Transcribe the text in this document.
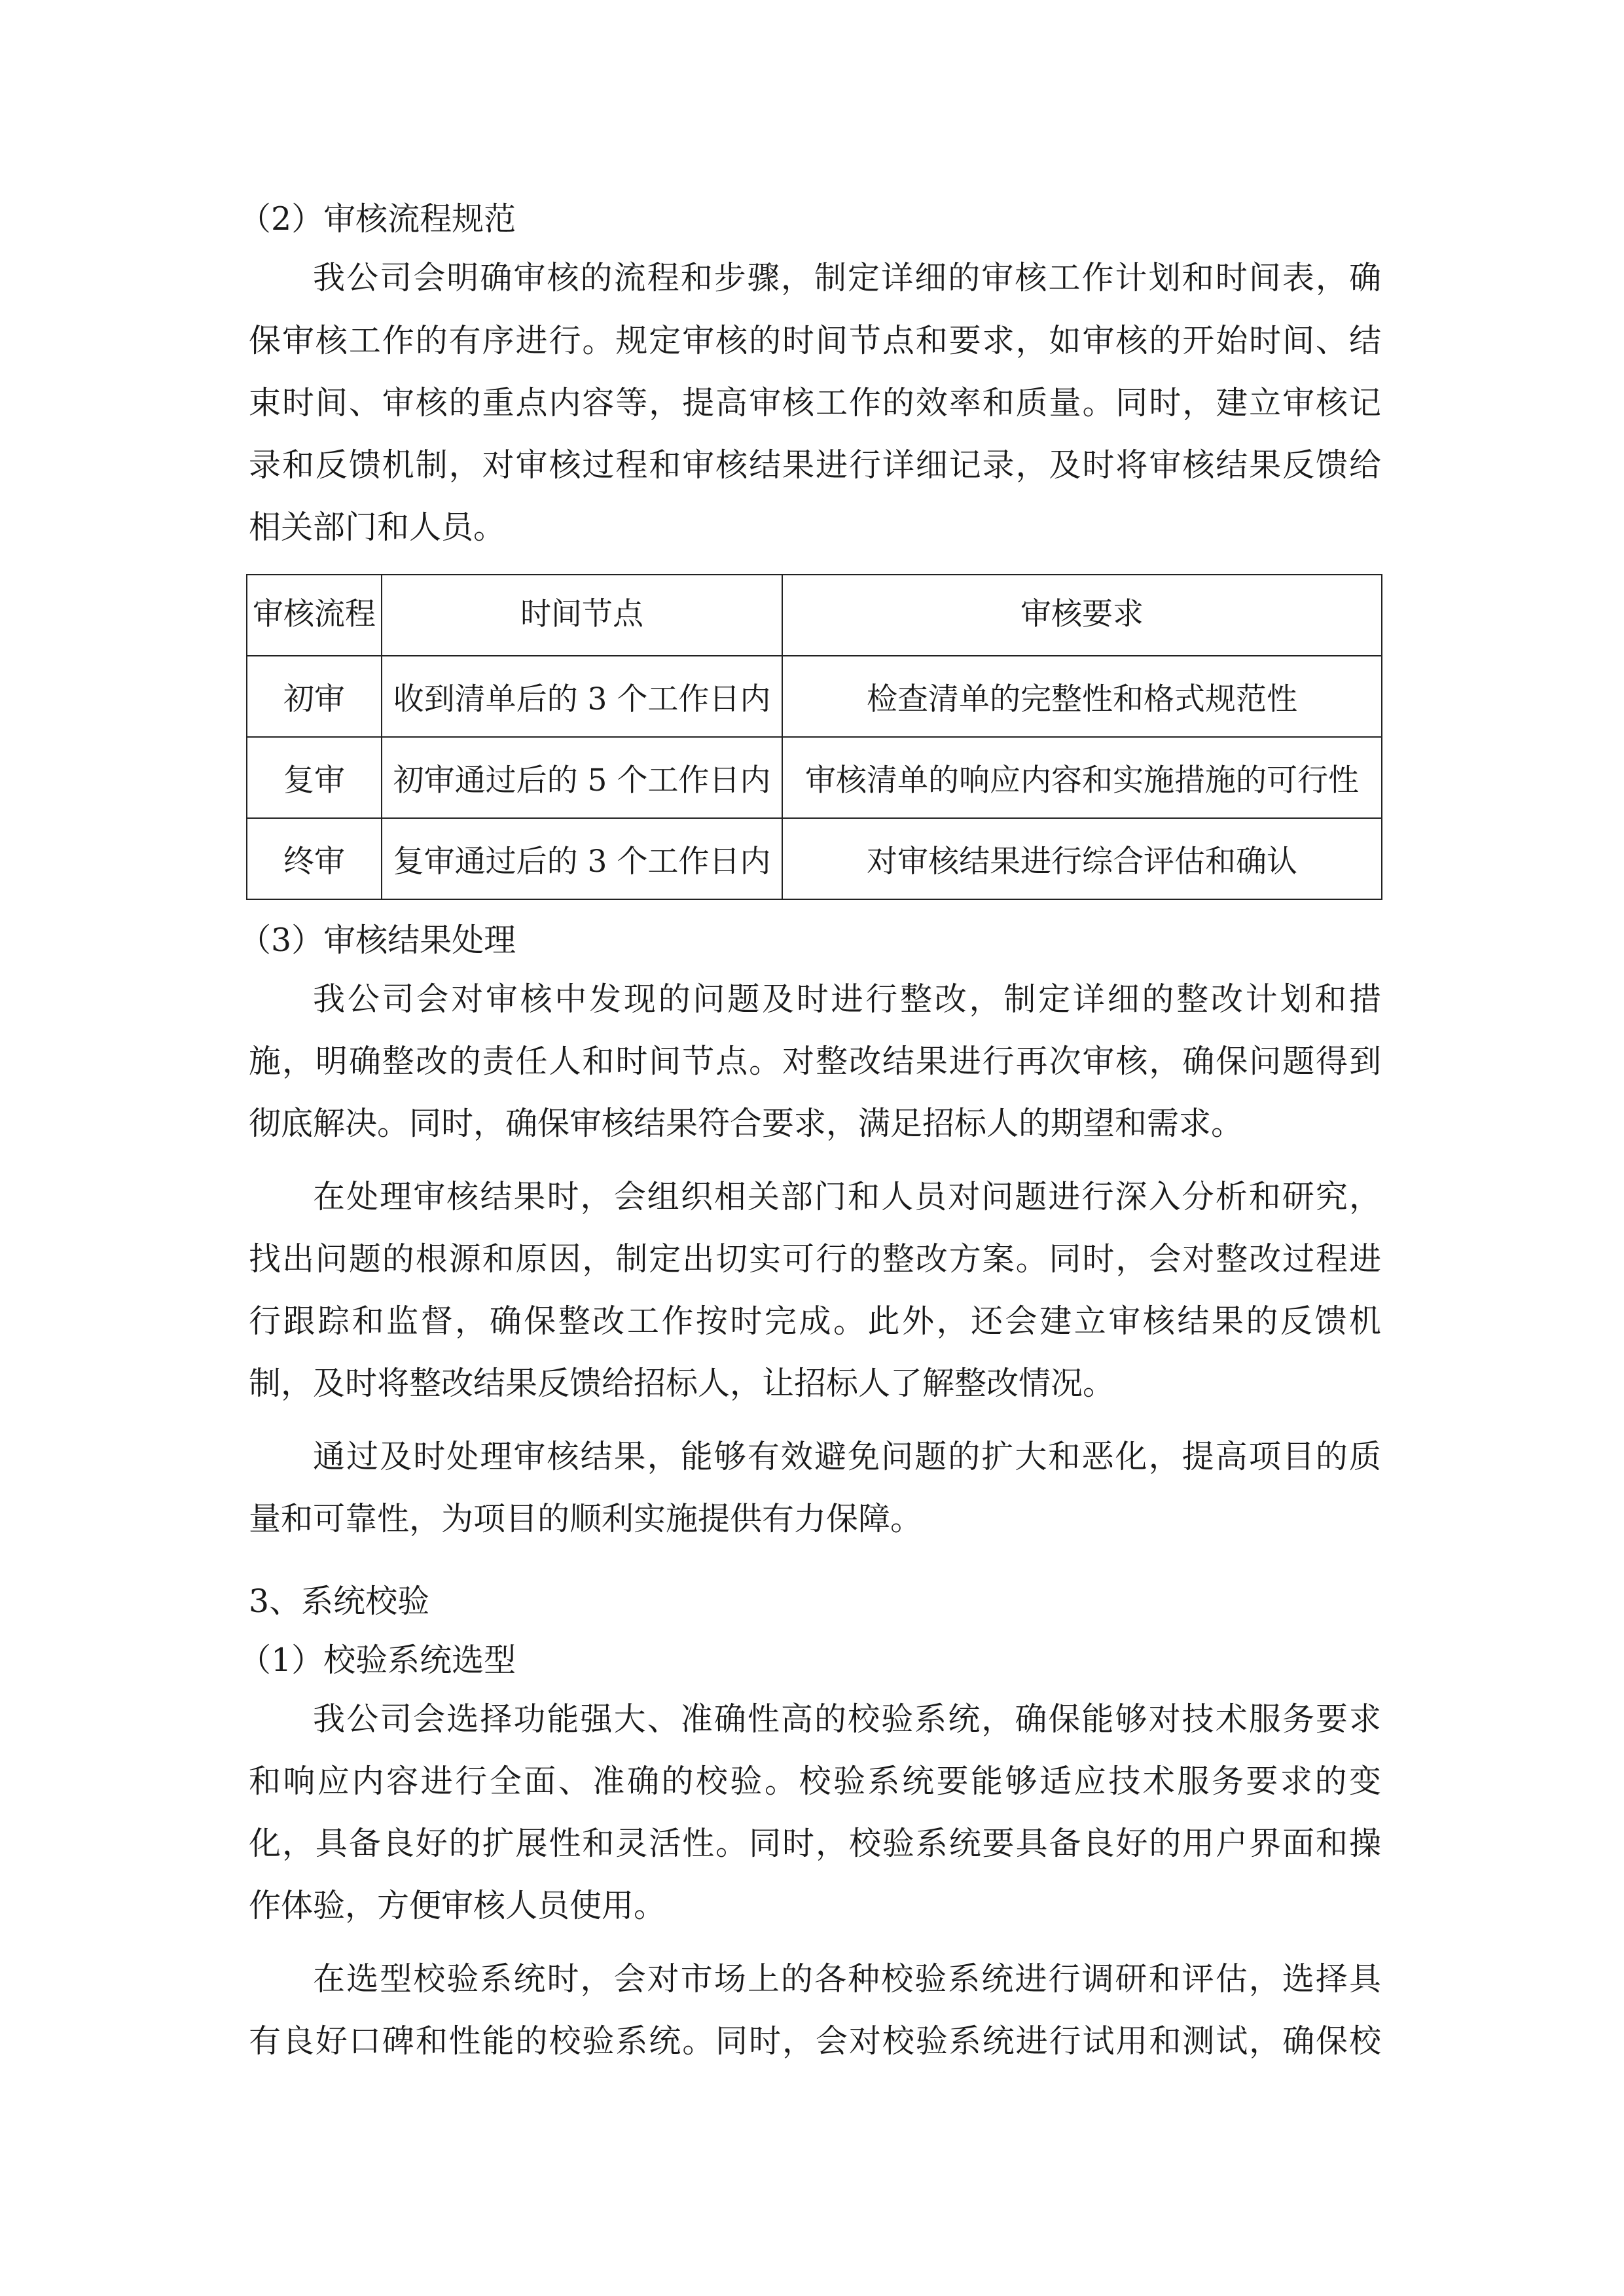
（2）审核流程规范
我公司会明确审核的流程和步骤，制定详细的审核工作计划和时间表，确
保审核工作的有序进行。规定审核的时间节点和要求，如审核的开始时间、结
束时间、审核的重点内容等，提高审核工作的效率和质量。同时，建立审核记
录和反馈机制，对审核过程和审核结果进行详细记录，及时将审核结果反馈给
相关部门和人员。
审核流程	时间节点	审核要求
初审	收到清单后的 3 个工作日内	检查清单的完整性和格式规范性
复审	初审通过后的 5 个工作日内	审核清单的响应内容和实施措施的可行性
终审	复审通过后的 3 个工作日内	对审核结果进行综合评估和确认
（3）审核结果处理
我公司会对审核中发现的问题及时进行整改，制定详细的整改计划和措
施，明确整改的责任人和时间节点。对整改结果进行再次审核，确保问题得到
彻底解决。同时，确保审核结果符合要求，满足招标人的期望和需求。
在处理审核结果时，会组织相关部门和人员对问题进行深入分析和研究，
找出问题的根源和原因，制定出切实可行的整改方案。同时，会对整改过程进
行跟踪和监督，确保整改工作按时完成。此外，还会建立审核结果的反馈机
制，及时将整改结果反馈给招标人，让招标人了解整改情况。
通过及时处理审核结果，能够有效避免问题的扩大和恶化，提高项目的质
量和可靠性，为项目的顺利实施提供有力保障。
3、系统校验
（1）校验系统选型
我公司会选择功能强大、准确性高的校验系统，确保能够对技术服务要求
和响应内容进行全面、准确的校验。校验系统要能够适应技术服务要求的变
化，具备良好的扩展性和灵活性。同时，校验系统要具备良好的用户界面和操
作体验，方便审核人员使用。
在选型校验系统时，会对市场上的各种校验系统进行调研和评估，选择具
有良好口碑和性能的校验系统。同时，会对校验系统进行试用和测试，确保校
